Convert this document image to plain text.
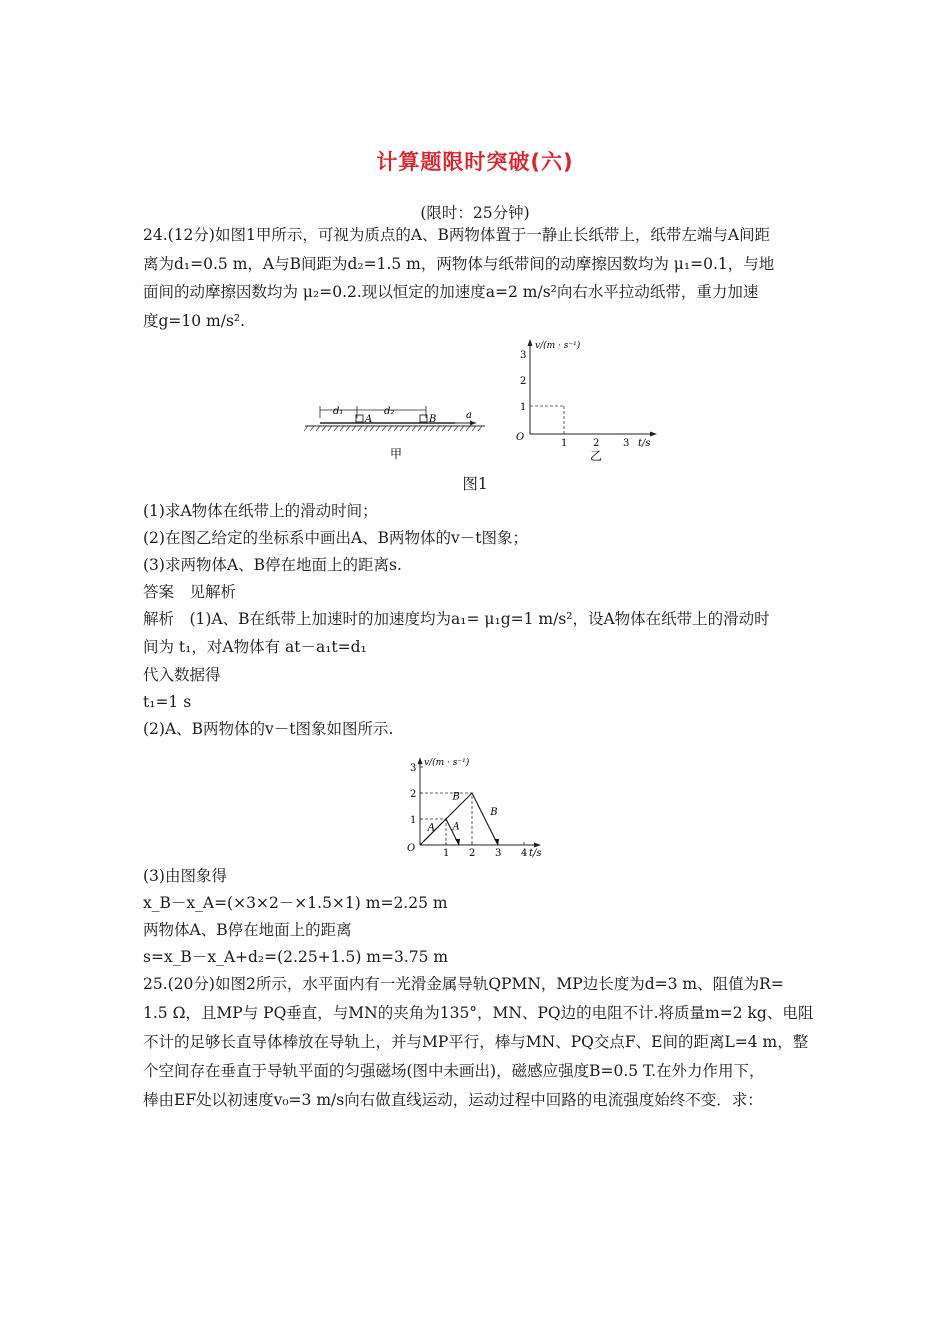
计算题限时突破(六)
(限时：25分钟)
24.(12分)如图1甲所示，可视为质点的A、B两物体置于一静止长纸带上，纸带左端与A间距
离为d₁=0.5 m，A与B间距为d₂=1.5 m，两物体与纸带间的动摩擦因数均为 μ₁=0.1，与地
面间的动摩擦因数均为 μ₂=0.2.现以恒定的加速度a=2 m/s²向右水平拉动纸带，重力加速
度g=10 m/s².
d₁	d₂
A	B	a
甲
v/(m · s⁻¹)
O
1
2
3
1	2 3 t/s
乙
图1
(1)求A物体在纸带上的滑动时间；
(2)在图乙给定的坐标系中画出A、B两物体的v－t图象；
(3)求两物体A、B停在地面上的距离s.
答案　见解析
解析　(1)A、B在纸带上加速时的加速度均为a₁= μ₁g=1 m/s²，设A物体在纸带上的滑动时
间为 t₁，对A物体有 at－a₁t=d₁
代入数据得
t₁=1 s
(2)A、B两物体的v－t图象如图所示.
v/(m · s⁻¹)
t/s
O
1
2
3
1 2 3 4
A A
B
B
(3)由图象得
x_B－x_A=(×3×2－×1.5×1) m=2.25 m
两物体A、B停在地面上的距离
s=x_B－x_A+d₂=(2.25+1.5) m=3.75 m
25.(20分)如图2所示，水平面内有一光滑金属导轨QPMN，MP边长度为d=3 m、阻值为R=
1.5 Ω，且MP与 PQ垂直，与MN的夹角为135°，MN、PQ边的电阻不计.将质量m=2 kg、电阻
不计的足够长直导体棒放在导轨上，并与MP平行，棒与MN、PQ交点F、E间的距离L=4 m，整
个空间存在垂直于导轨平面的匀强磁场(图中未画出)，磁感应强度B=0.5 T.在外力作用下，
棒由EF处以初速度v₀=3 m/s向右做直线运动，运动过程中回路的电流强度始终不变．求：
